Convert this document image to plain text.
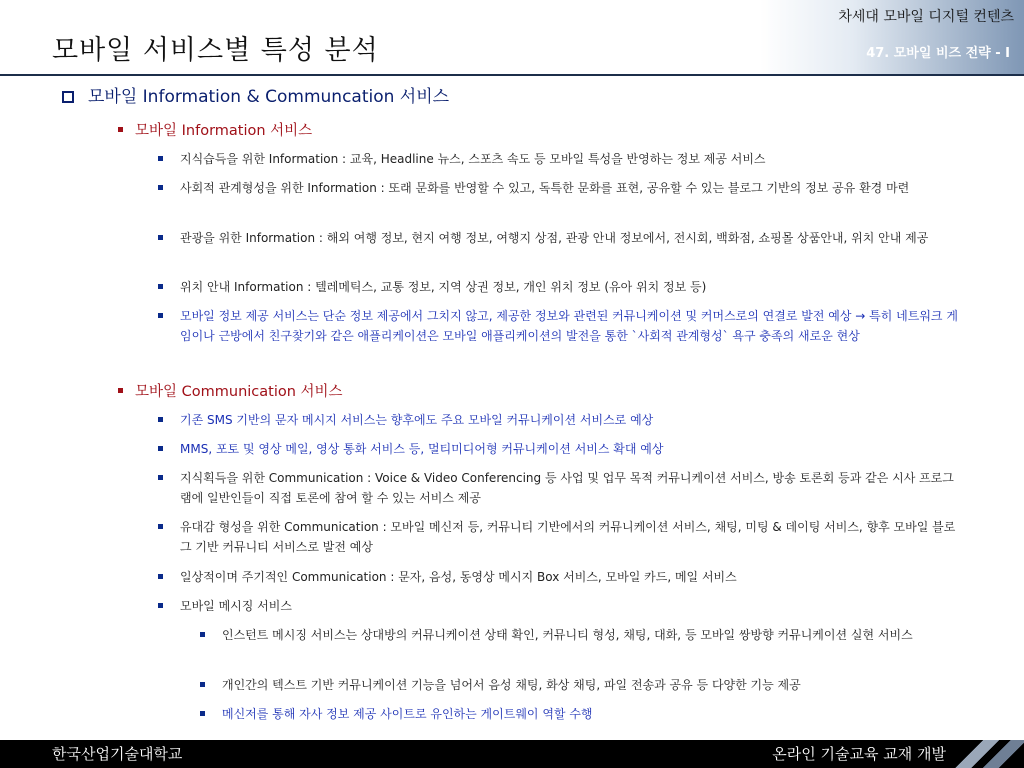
차세대 모바일 디지털 컨텐츠
47. 모바일 비즈 전략 - I
모바일 서비스별 특성 분석
모바일 Information & Communcation 서비스
모바일 Information 서비스
지식습득을 위한 Information : 교육, Headline 뉴스, 스포츠 속도 등 모바일 특성을 반영하는 정보 제공 서비스
사회적 관계형성을 위한 Information : 또래 문화를 반영할 수 있고, 독특한 문화를 표현, 공유할 수 있는 블로그 기반의 정보 공유 환경 마련
관광을 위한 Information : 해외 여행 정보, 현지 여행 정보, 여행지 상점, 관광 안내 정보에서, 전시회, 백화점, 쇼핑몰 상품안내, 위치 안내 제공
위치 안내 Information : 텔레메틱스, 교통 정보, 지역 상권 정보, 개인 위치 정보 (유아 위치 정보 등)
모바일 정보 제공 서비스는 단순 정보 제공에서 그치지 않고, 제공한 정보와 관련된 커뮤니케이션 및 커머스로의 연결로 발전 예상 → 특히 네트워크 게임이나 근방에서 친구찾기와 같은 애플리케이션은 모바일 애플리케이션의 발전을 통한 `사회적 관계형성` 욕구 충족의 새로운 현상
모바일 Communication 서비스
기존 SMS 기반의 문자 메시지 서비스는 향후에도 주요 모바일 커뮤니케이션 서비스로 예상
MMS, 포토 및 영상 메일, 영상 통화 서비스 등, 멀티미디어형 커뮤니케이션 서비스 확대 예상
지식획득을 위한 Communication : Voice & Video Conferencing 등 사업 및 업무 목적 커뮤니케이션 서비스, 방송 토론회 등과 같은 시사 프로그램에 일반인들이 직접 토론에 참여 할 수 있는 서비스 제공
유대감 형성을 위한 Communication : 모바일 메신저 등, 커뮤니티 기반에서의 커뮤니케이션 서비스, 채팅, 미팅 & 데이팅 서비스, 향후 모바일 블로그 기반 커뮤니티 서비스로 발전 예상
일상적이며 주기적인 Communication : 문자, 음성, 동영상 메시지 Box 서비스, 모바일 카드, 메일 서비스
모바일 메시징 서비스
인스턴트 메시징 서비스는 상대방의 커뮤니케이션 상태 확인, 커뮤니티 형성, 채팅, 대화, 등 모바일 쌍방향 커뮤니케이션 실현 서비스
개인간의 텍스트 기반 커뮤니케이션 기능을 넘어서 음성 채팅, 화상 채팅, 파일 전송과 공유 등 다양한 기능 제공
메신저를 통해 자사 정보 제공 사이트로 유인하는 게이트웨이 역할 수행
한국산업기술대학교	온라인 기술교육 교재 개발
